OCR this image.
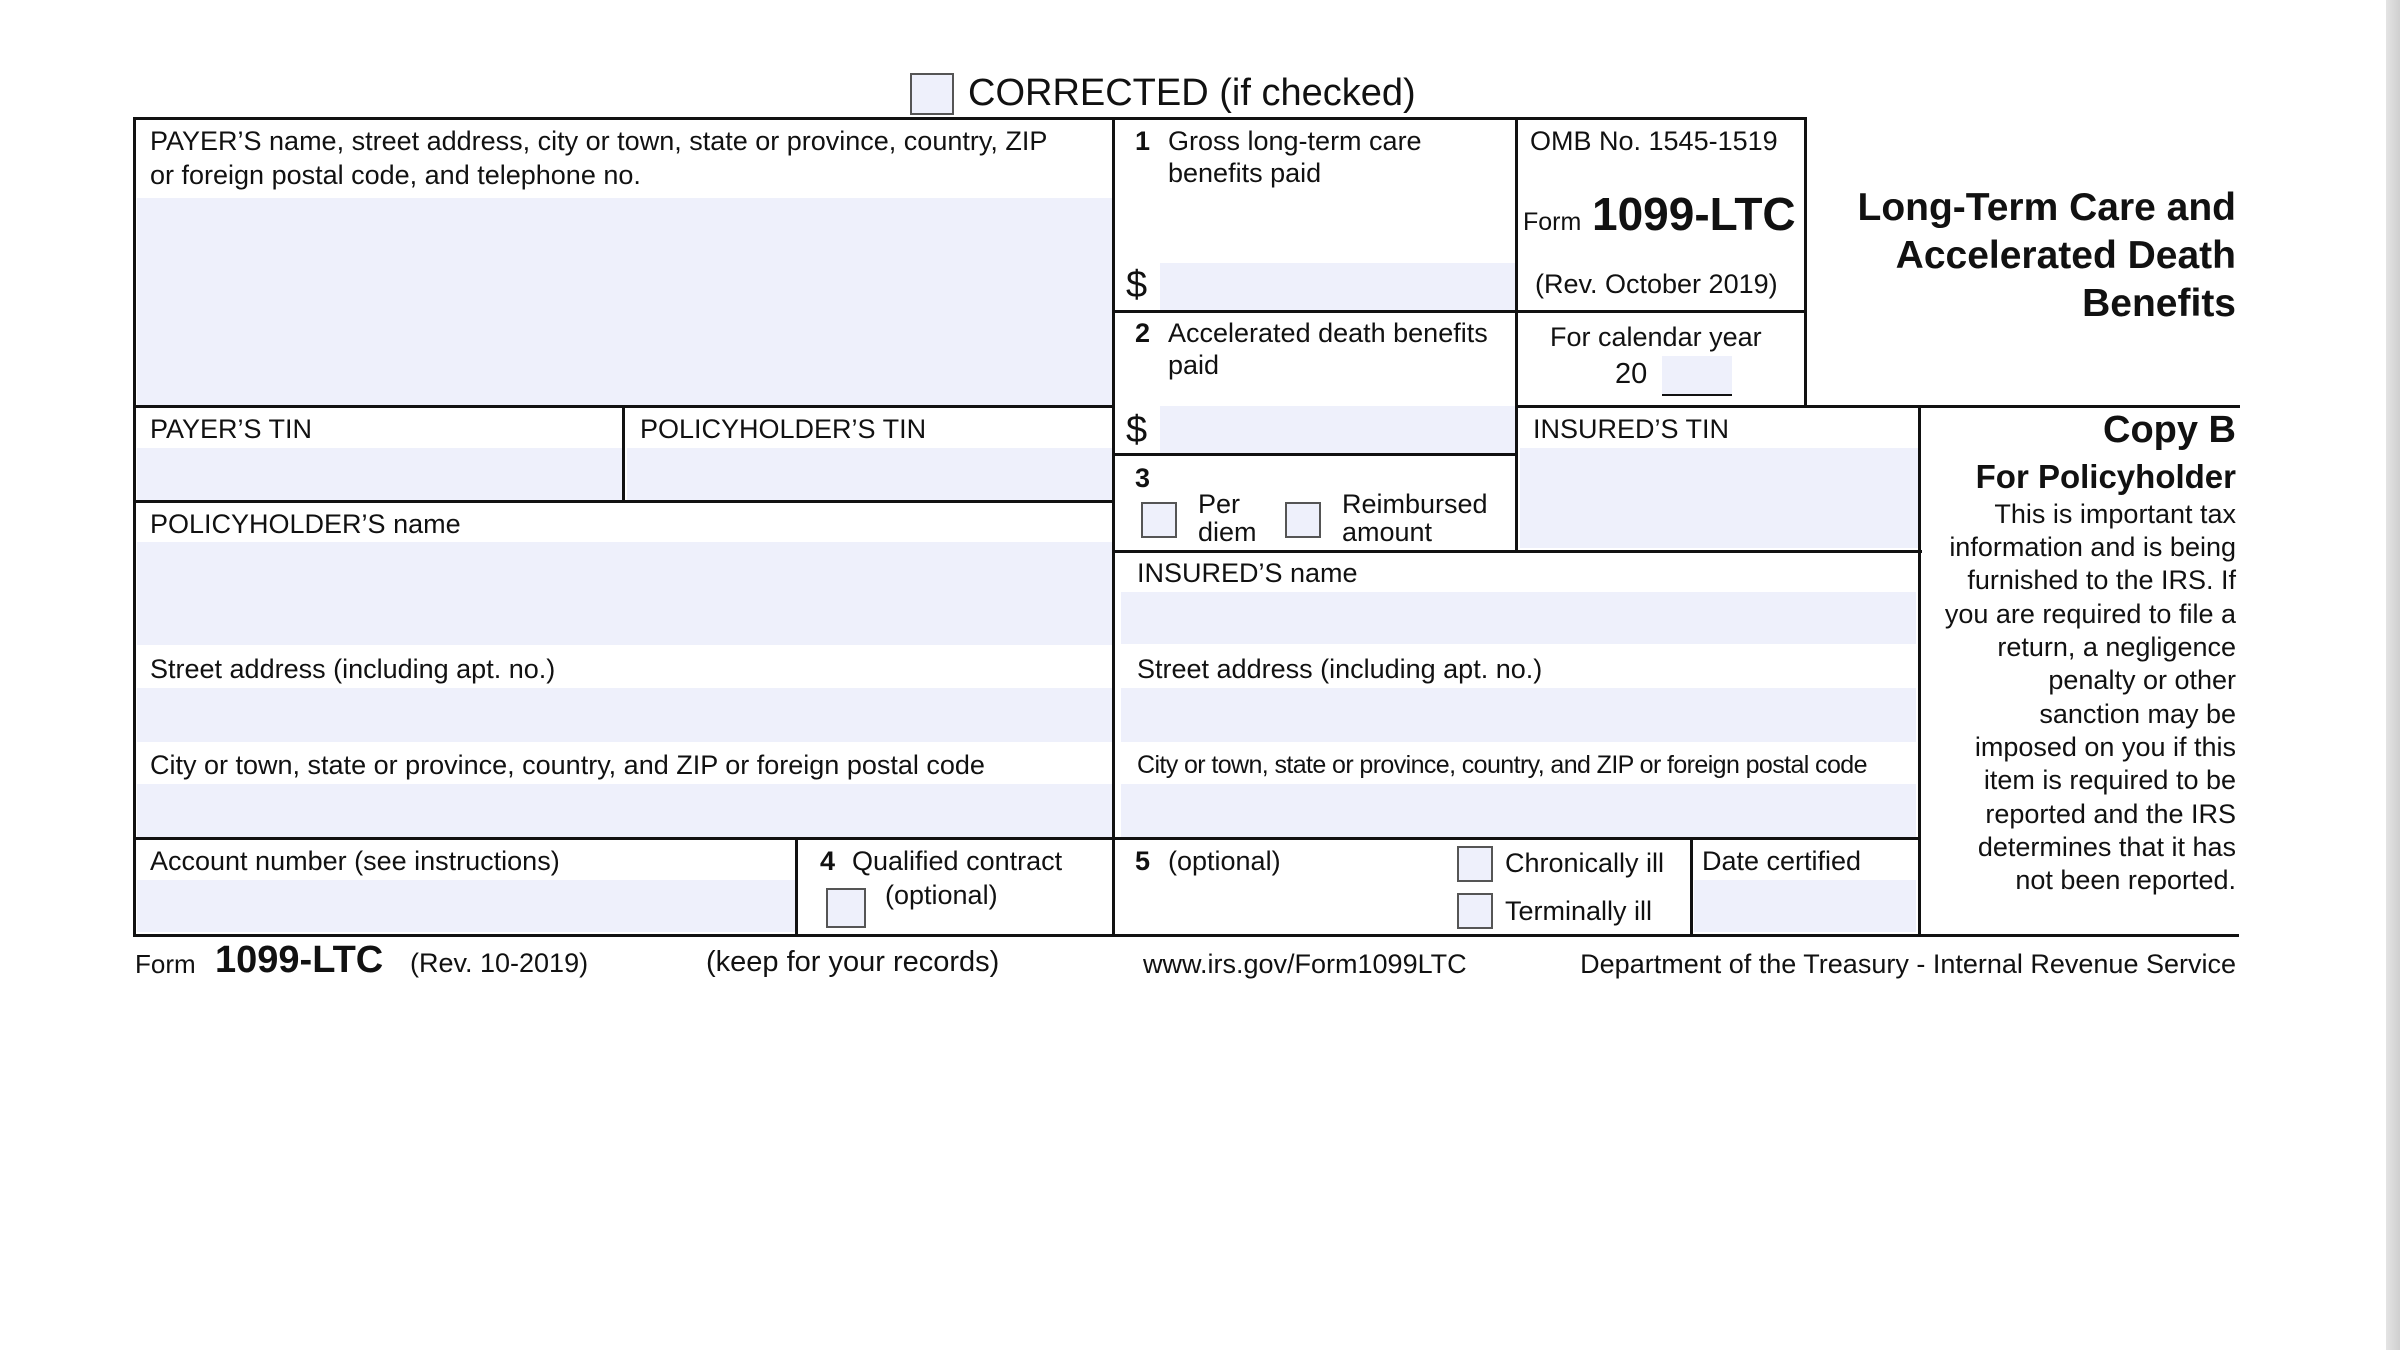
CORRECTED (if checked)
PAYER’S name, street address, city or town, state or province, country, ZIP
or foreign postal code, and telephone no.
1 Gross long-term care
benefits paid
$
2 Accelerated death benefits
paid
$
OMB No. 1545-1519
Form 1099-LTC
(Rev. October 2019)
For calendar year
20
Long-Term Care and
Accelerated Death
Benefits
PAYER’S TIN	POLICYHOLDER’S TIN	INSURED’S TIN
3
Per
diem
Reimbursed
amount
Copy B
For Policyholder
This is important tax
information and is being
furnished to the IRS. If
you are required to file a
return, a negligence
penalty or other
sanction may be
imposed on you if this
item is required to be
reported and the IRS
determines that it has
not been reported.
POLICYHOLDER’S name
Street address (including apt. no.)
City or town, state or province, country, and ZIP or foreign postal code
INSURED’S name
Street address (including apt. no.)
City or town, state or province, country, and ZIP or foreign postal code
Account number (see instructions)	4 Qualified contract
(optional)
5 (optional)	Chronically ill
Terminally ill
Date certified
Form 1099-LTC (Rev. 10-2019)	(keep for your records)	www.irs.gov/Form1099LTC	Department of the Treasury - Internal Revenue Service
